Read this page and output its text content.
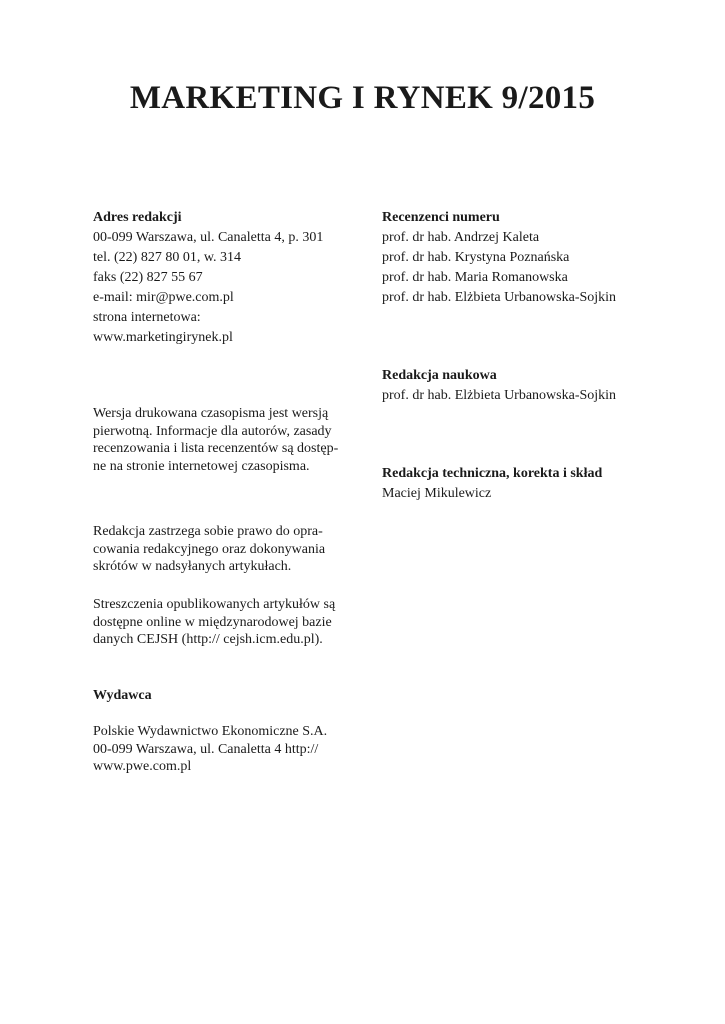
MARKETING I RYNEK 9/2015

Adres redakcji

00-099 Warszawa, ul. Canaletta 4, p. 301

tel. (22) 827 80 01, w. 314

faks (22) 827 55 67

e-mail: mir@pwe.com.pl

strona internetowa:

www.marketingirynek.pl

Wersja drukowana czasopisma jest wersją
pierwotną. Informacje dla autorów, zasady
recenzowania i lista recenzentów są dostęp-
ne na stronie internetowej czasopisma.

Redakcja zastrzega sobie prawo do opra-
cowania redakcyjnego oraz dokonywania
skrótów w nadsyłanych artykułach.

Streszczenia opublikowanych artykułów są
dostępne online w międzynarodowej bazie
danych CEJSH (http:// cejsh.icm.edu.pl).

Wydawca

Polskie Wydawnictwo Ekonomiczne S.A.
00-099 Warszawa, ul. Canaletta 4 http://
www.pwe.com.pl

Recenzenci numeru

prof. dr hab. Andrzej Kaleta

prof. dr hab. Krystyna Poznańska

prof. dr hab. Maria Romanowska

prof. dr hab. Elżbieta Urbanowska-Sojkin

Redakcja naukowa

prof. dr hab. Elżbieta Urbanowska-Sojkin

Redakcja techniczna, korekta i skład

Maciej Mikulewicz
